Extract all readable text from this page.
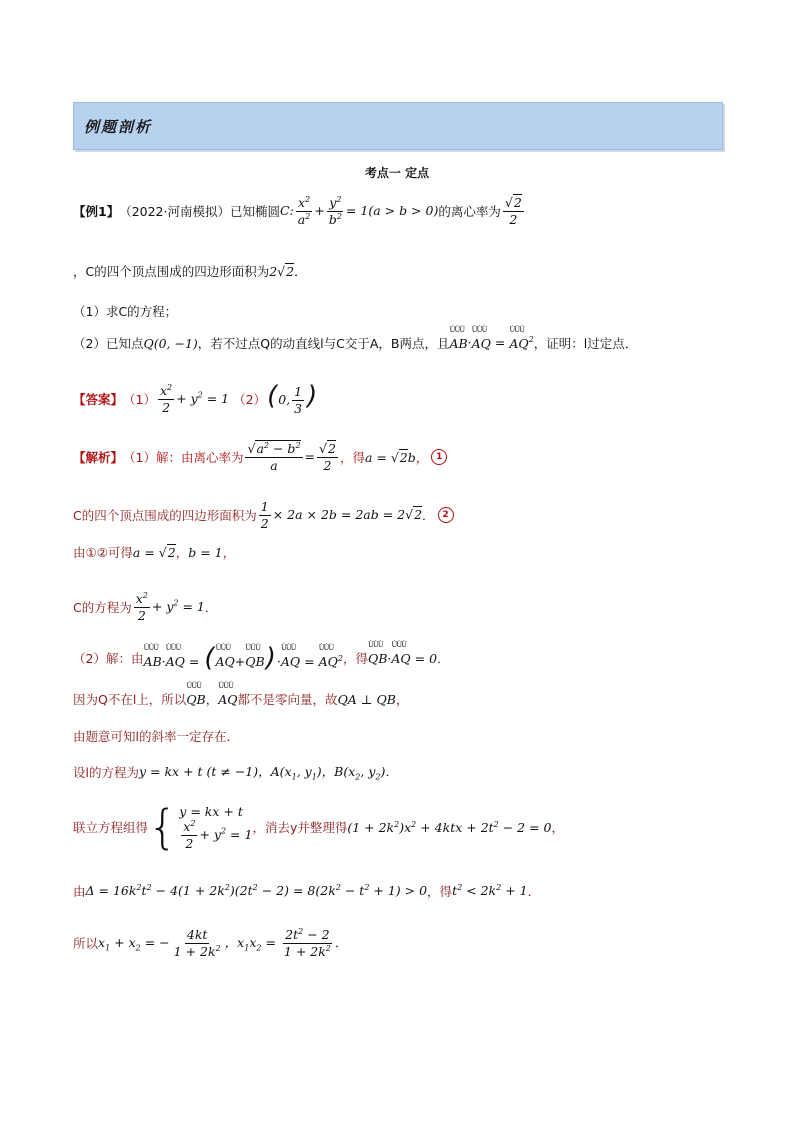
例题剖析
考点一 定点
【例1】 （2022·河南模拟）已知椭圆 C: $\frac{x^2}{a^2} + \frac{y^2}{b^2} = 1(a > b > 0)$ 的离心率为 $\frac{√2}{2}$
，C的四个顶点围成的四边形面积为 2√2 ．
（1）求C的方程；
（2）已知点 Q(0, −1) ，若不过点Q的动直线l与C交于A，B两点，且 ÙÙÙ AB·ÙÙÙ AQ = ÙÙÙ $AQ^2$ ，证明：l过定点．
【答案】 $(1) \frac{x^2}{2} + y^2 = 1$ （2） (0, $\frac{1}{3}$ )
【解析】 （1）解：由离心率为 $\frac{√a^2 - b^2}{a} = \frac{√2}{2}$ ，得 a = √2b ， 1
C的四个顶点围成的四边形面积为 $\frac{1}{2} \times 2a \times 2b = 2ab = 2√2$ ． 2
由①②可得 a = √2 ， b = 1 ，
C的方程为 $\frac{x^2}{2} + y^2 = 1$ ．
（2）解：由 ÙÙÙ AB·ÙÙÙ AQ = (ÙÙÙ AQ+ÙÙÙ QB)·ÙÙÙ AQ = ÙÙÙ $AQ^2$ ，得 ÙÙÙ QB·ÙÙÙ AQ = 0 ．
因为Q不在l上，所以 ÙÙÙ QB ， ÙÙÙ AQ 都不是零向量，故 QA ⊥ QB ，
由题意可知l的斜率一定存在．
设l的方程为 y = kx + t (t ≠ −1)，$A(x_1$, $y_1$)，$B(x_2$, $y_2$)．
联立方程组得 { y = kx + t
$\frac{x^2}{2} + y^2 = 1$ ，消去y并整理得 $(1 + 2k^2)x^2 + 4ktx + 2t^2 - 2 = 0$ ，
由 $\Delta = 16k^2t^2 - 4(1 + 2k^2)(2t^2 - 2) = 8(2k^2 - t^2 + 1) > 0$ ，得 $t^2 < 2k^2 + 1$ ．
所以 $x_1 + x_2$ = − $\frac{4kt}{1 + 2k^2}$ ，$x_1x_2 = \frac{2t^2 - 2}{1 + 2k^2}$ ．
